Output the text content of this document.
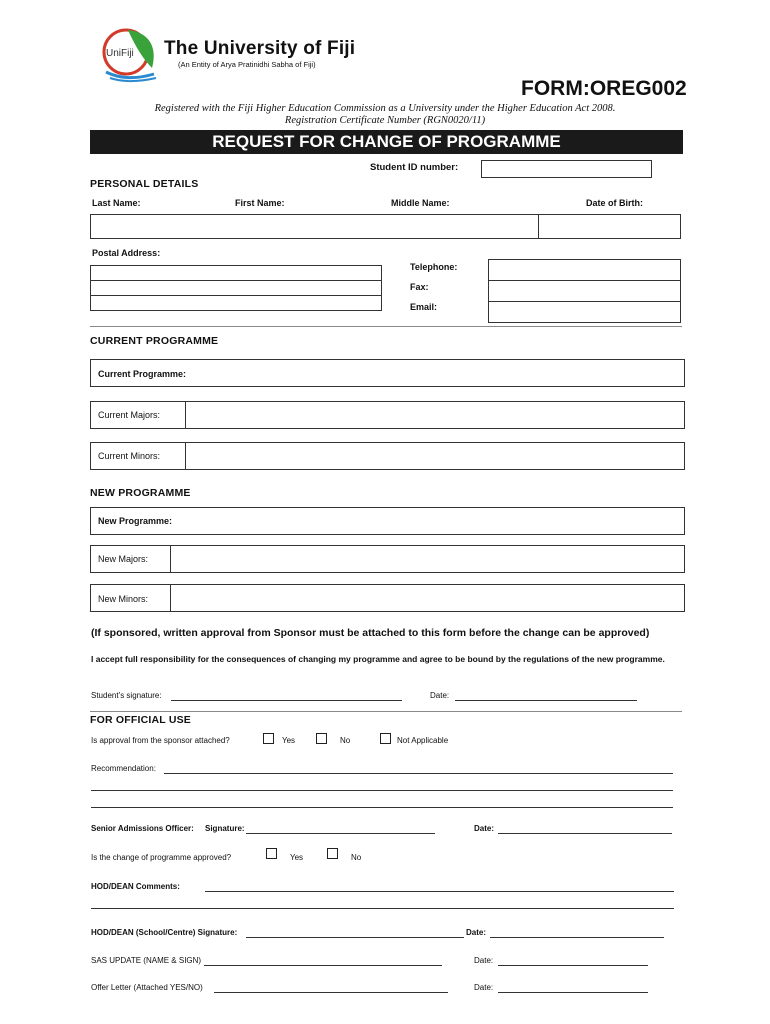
UniFiji The University of Fiji
(An Entity of Arya Pratinidhi Sabha of Fiji)
FORM:OREG002
Registered with the Fiji Higher Education Commission as a University under the Higher Education Act 2008.
Registration Certificate Number (RGN0020/11)
REQUEST FOR CHANGE OF PROGRAMME
Student ID number:
PERSONAL DETAILS
Last Name:	First Name:	Middle Name:	Date of Birth:
Postal Address:
Telephone:
Fax:
Email:
CURRENT PROGRAMME
Current Programme:
Current Majors:
Current Minors:
NEW PROGRAMME
New Programme:
New Majors:
New Minors:
(If sponsored, written approval from Sponsor must be attached to this form before the change can be approved)
I accept full responsibility for the consequences of changing my programme and agree to be bound by the regulations of the new programme.
Student’s signature:	Date:
FOR OFFICIAL USE
Is approval from the sponsor attached?	Yes	No	Not Applicable
Recommendation:
Senior Admissions Officer: Signature:	Date:
Is the change of programme approved?	Yes	No
HOD/DEAN Comments:
HOD/DEAN (School/Centre) Signature:	Date:
SAS UPDATE (NAME & SIGN)	Date:
Offer Letter (Attached YES/NO)	Date:
